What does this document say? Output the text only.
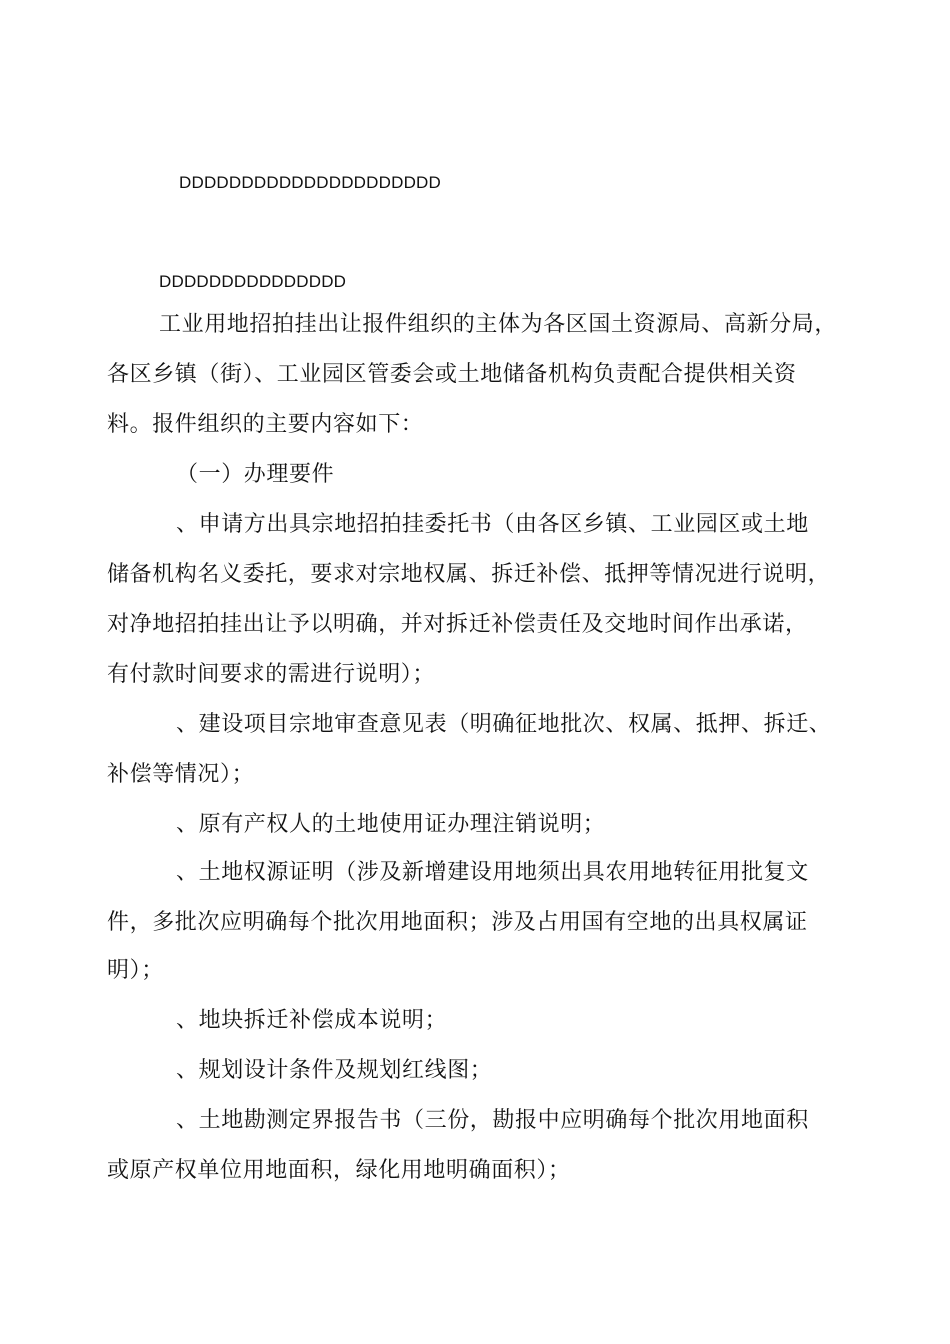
DDDDDDDDDDDDDDDDDDDDD
DDDDDDDDDDDDDDD
工业用地招拍挂出让报件组织的主体为各区国土资源局、高新分局，
各区乡镇（街）、工业园区管委会或土地储备机构负责配合提供相关资
料。报件组织的主要内容如下：
（一）办理要件
、申请方出具宗地招拍挂委托书（由各区乡镇、工业园区或土地
储备机构名义委托，要求对宗地权属、拆迁补偿、抵押等情况进行说明，
对净地招拍挂出让予以明确，并对拆迁补偿责任及交地时间作出承诺，
有付款时间要求的需进行说明）；
、建设项目宗地审查意见表（明确征地批次、权属、抵押、拆迁、
补偿等情况）；
、原有产权人的土地使用证办理注销说明；
、土地权源证明（涉及新增建设用地须出具农用地转征用批复文
件，多批次应明确每个批次用地面积；涉及占用国有空地的出具权属证
明）；
、地块拆迁补偿成本说明；
、规划设计条件及规划红线图；
、土地勘测定界报告书（三份，勘报中应明确每个批次用地面积
或原产权单位用地面积，绿化用地明确面积）；
